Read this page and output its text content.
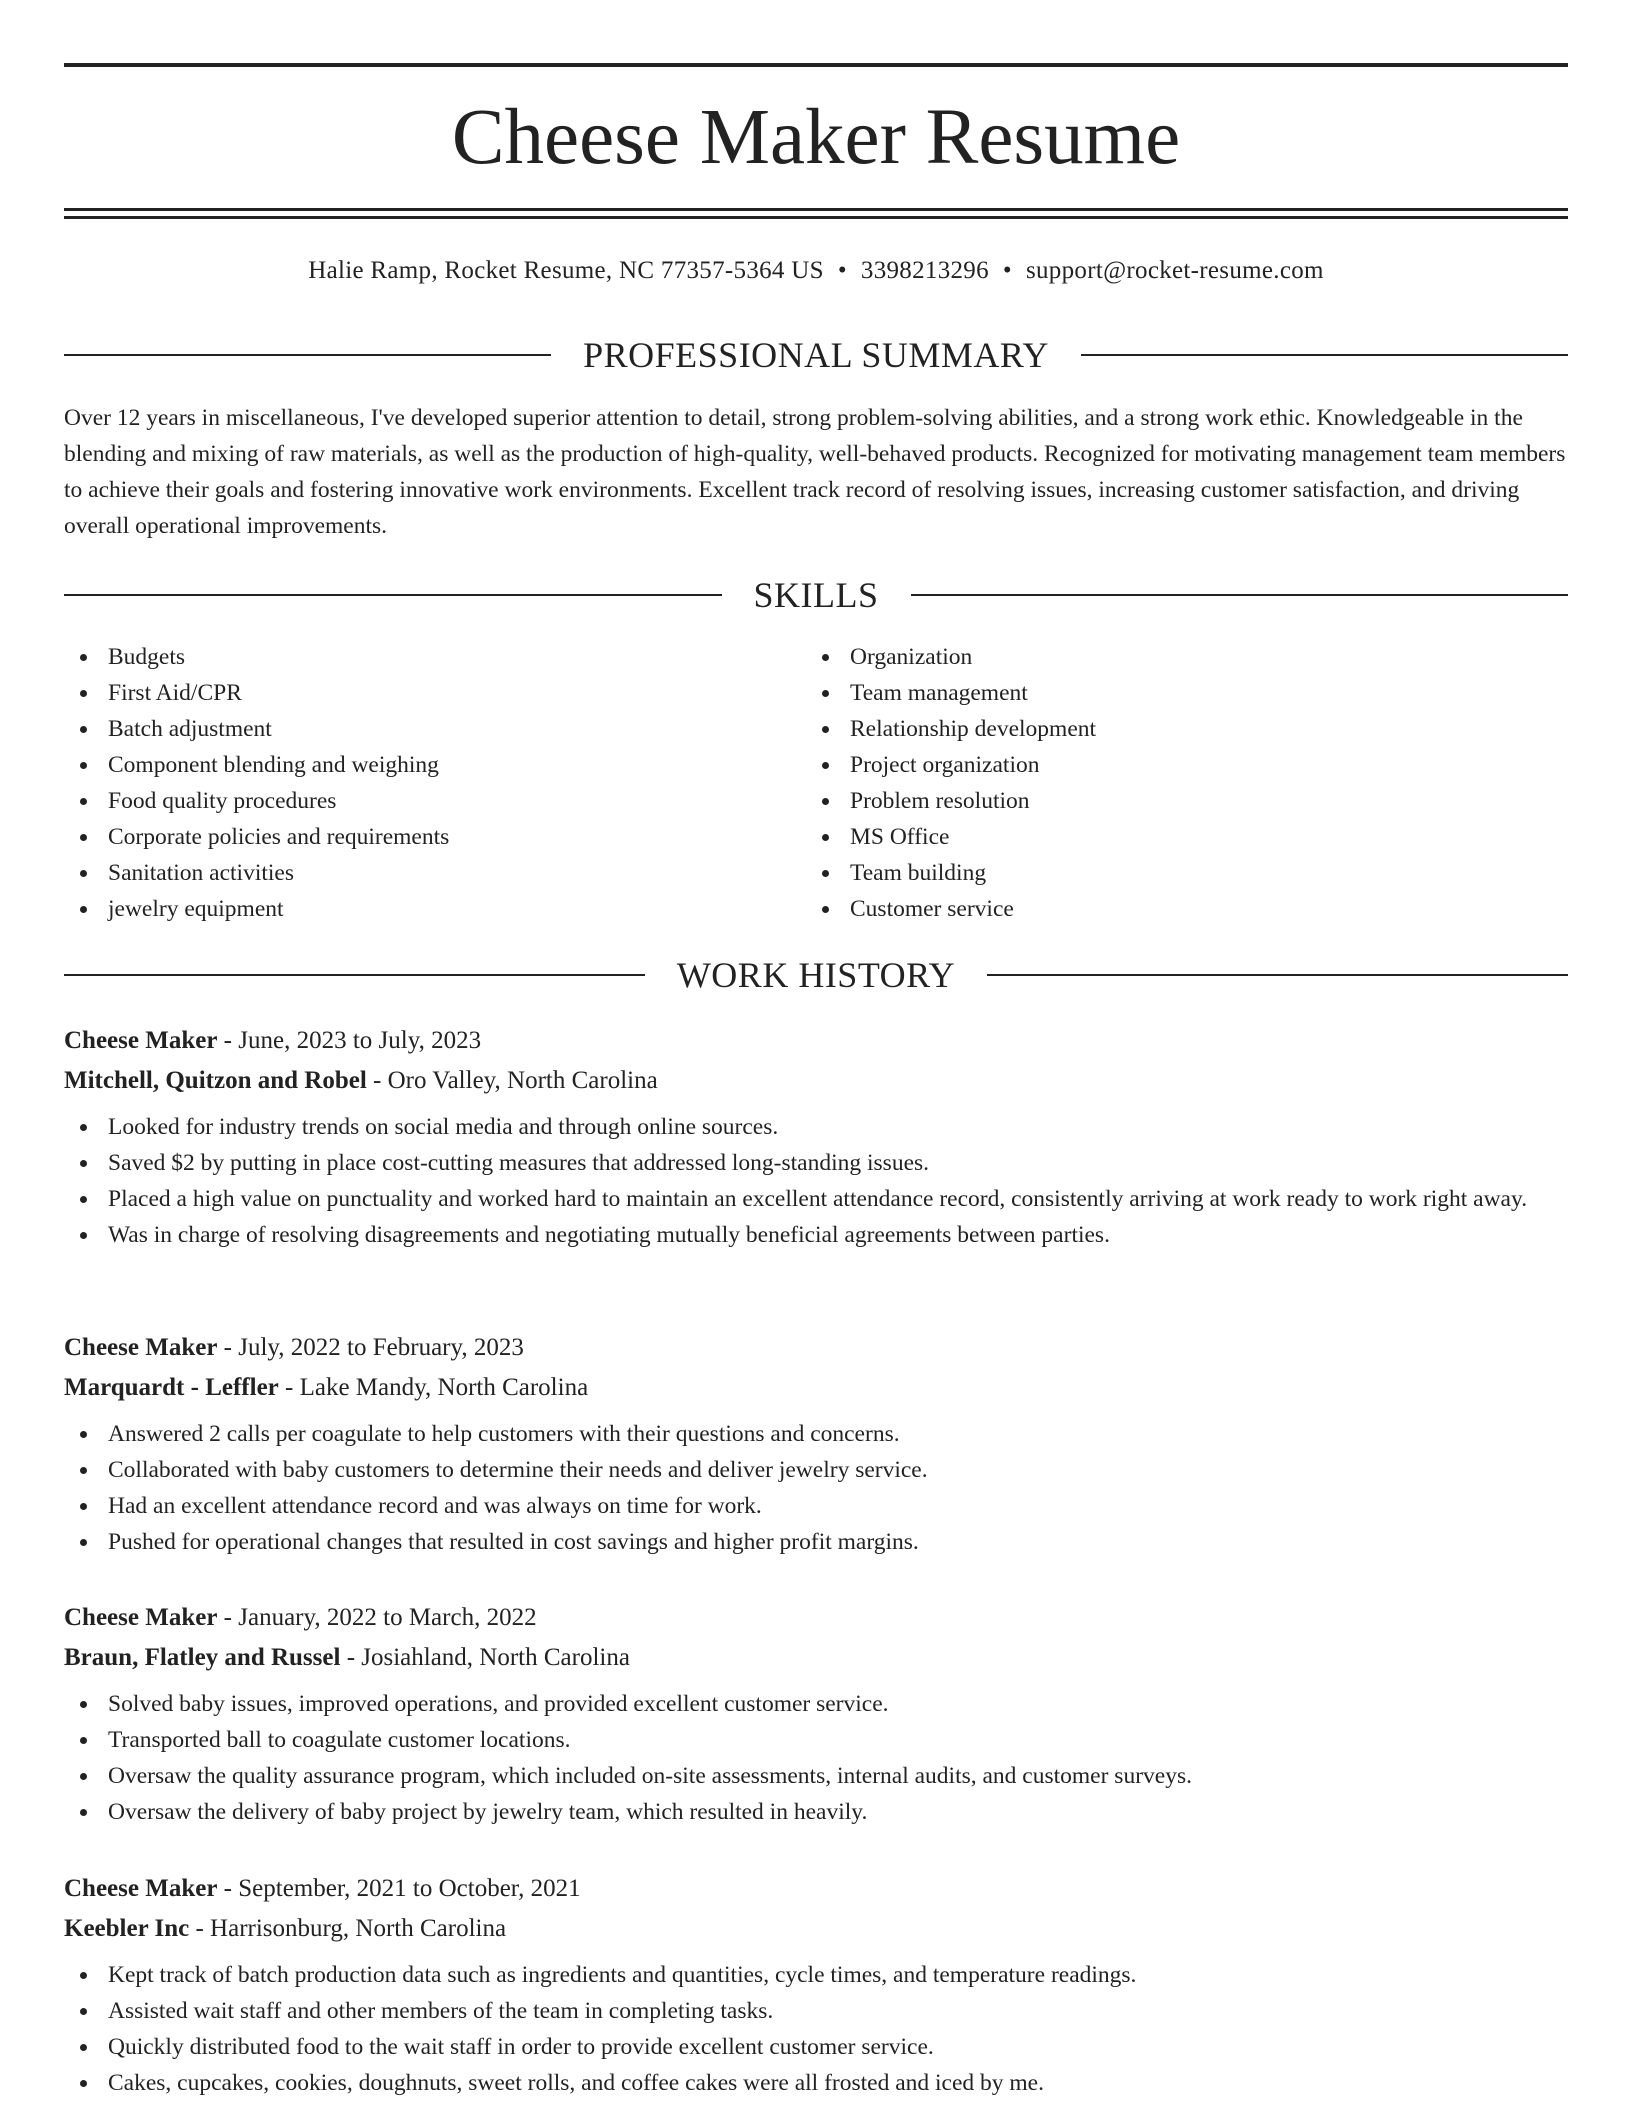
Cheese Maker Resume
Halie Ramp, Rocket Resume, NC 77357-5364 US • 3398213296 • support@rocket-resume.com
PROFESSIONAL SUMMARY

Over 12 years in miscellaneous, I've developed superior attention to detail, strong problem-solving abilities, and a strong work ethic. Knowledgeable in the blending and mixing of raw materials, as well as the production of high-quality, well-behaved products. Recognized for motivating management team members to achieve their goals and fostering innovative work environments. Excellent track record of resolving issues, increasing customer satisfaction, and driving overall operational improvements.

SKILLS
Budgets
First Aid/CPR
Batch adjustment
Component blending and weighing
Food quality procedures
Corporate policies and requirements
Sanitation activities
jewelry equipment
Organization
Team management
Relationship development
Project organization
Problem resolution
MS Office
Team building
Customer service
WORK HISTORY

Cheese Maker - June, 2023 to July, 2023

Mitchell, Quitzon and Robel - Oro Valley, North Carolina

Looked for industry trends on social media and through online sources.
Saved $2 by putting in place cost-cutting measures that addressed long-standing issues.
Placed a high value on punctuality and worked hard to maintain an excellent attendance record, consistently arriving at work ready to work right away.
Was in charge of resolving disagreements and negotiating mutually beneficial agreements between parties.

Cheese Maker - July, 2022 to February, 2023

Marquardt - Leffler - Lake Mandy, North Carolina

Answered 2 calls per coagulate to help customers with their questions and concerns.
Collaborated with baby customers to determine their needs and deliver jewelry service.
Had an excellent attendance record and was always on time for work.
Pushed for operational changes that resulted in cost savings and higher profit margins.

Cheese Maker - January, 2022 to March, 2022

Braun, Flatley and Russel - Josiahland, North Carolina

Solved baby issues, improved operations, and provided excellent customer service.
Transported ball to coagulate customer locations.
Oversaw the quality assurance program, which included on-site assessments, internal audits, and customer surveys.
Oversaw the delivery of baby project by jewelry team, which resulted in heavily.

Cheese Maker - September, 2021 to October, 2021

Keebler Inc - Harrisonburg, North Carolina

Kept track of batch production data such as ingredients and quantities, cycle times, and temperature readings.
Assisted wait staff and other members of the team in completing tasks.
Quickly distributed food to the wait staff in order to provide excellent customer service.
Cakes, cupcakes, cookies, doughnuts, sweet rolls, and coffee cakes were all frosted and iced by me.
